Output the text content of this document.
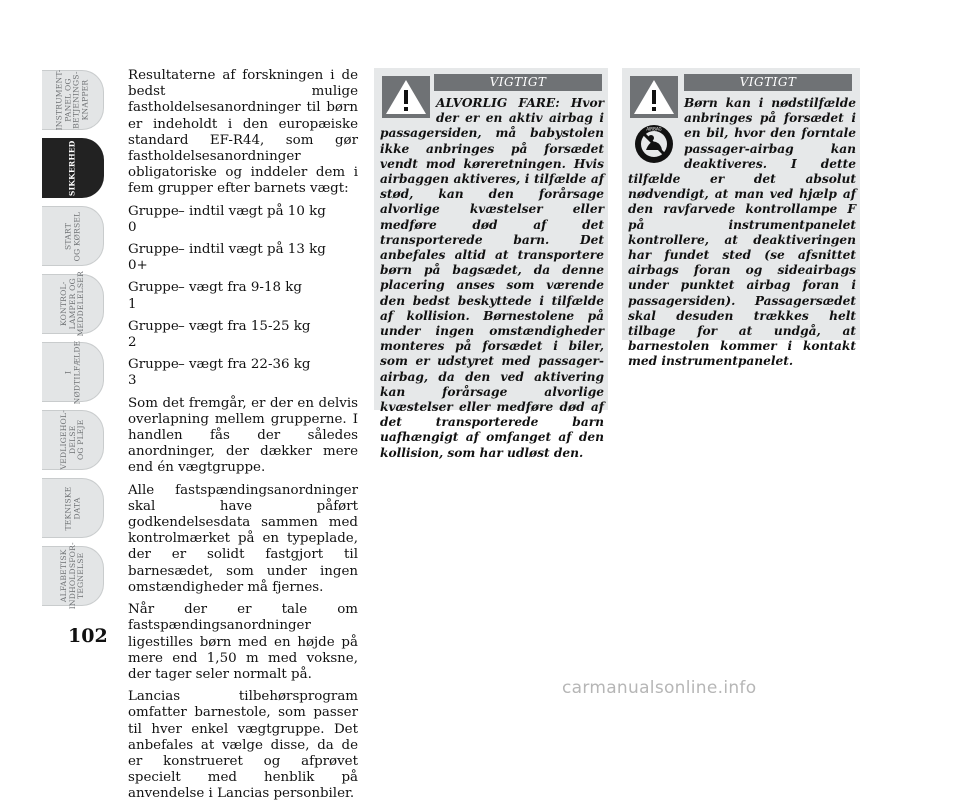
INSTRUMENT- PANEL OG BETJENINGS- KNAPPER
SIKKERHED
START OG KØRSEL
KONTROL- LAMPER OG MEDDELELSER
I NØDTILFÆLDE
VEDLIGEHOL- DELSE OG PLEJE
TEKNISKE DATA
ALFABETISK INDHOLDSFOR- TEGNELSE
102

Resultaterne af forskningen i de bedst mulige fastholdelsesanordninger til børn er indeholdt i den europæiske standard EF-R44, som gør fastholdelsesanordninger obligatoriske og inddeler dem i fem grupper efter barnets vægt:

Gruppe 0
– indtil vægt på 10 kg
Gruppe 0+
– indtil vægt på 13 kg
Gruppe 1
– vægt fra 9-18 kg
Gruppe 2
– vægt fra 15-25 kg
Gruppe 3
– vægt fra 22-36 kg

Som det fremgår, er der en delvis overlapning mellem grupperne. I handlen fås der således anordninger, der dækker mere end én vægtgruppe.

Alle fastspændingsanordninger skal have påført godkendelsesdata sammen med kontrolmærket på en typeplade, der er solidt fastgjort til barnesædet, som under ingen omstændigheder må fjernes.

Når der er tale om fastspændingsanordninger ligestilles børn med en højde på mere end 1,50 m med voksne, der tager seler normalt på.

Lancias tilbehørsprogram omfatter barnestole, som passer til hver enkel vægtgruppe. Det anbefales at vælge disse, da de er konstrueret og afprøvet specielt med henblik på anvendelse i Lancias personbiler.

VIGTIGT
ALVORLIG FARE: Hvor der er en aktiv airbag i passagersiden, må babystolen ikke anbringes på forsædet vendt mod køreretningen. Hvis airbaggen aktiveres, i tilfælde af stød, kan den forårsage alvorlige kvæstelser eller medføre død af det transporterede barn. Det anbefales altid at transportere børn på bagsædet, da denne placering anses som værende den bedst beskyttede i tilfælde af kollision. Børnestolene på under ingen omstændigheder monteres på forsædet i biler, som er udstyret med passager-airbag, da den ved aktivering kan forårsage alvorlige kvæstelser eller medføre død af det transporterede barn uafhængigt af omfanget af den kollision, som har udløst den.
VIGTIGT
AIRBAG
Børn kan i nødstilfælde anbringes på forsædet i en bil, hvor den forntale passager-airbag kan deaktiveres. I dette tilfælde er det absolut nødvendigt, at man ved hjælp af den ravfarvede kontrollampe F på instrumentpanelet kontrollere, at deaktiveringen har fundet sted (se afsnittet airbags foran og sideairbags under punktet airbag foran i passagersiden). Passagersædet skal desuden trækkes helt tilbage for at undgå, at barnestolen kommer i kontakt med instrumentpanelet.
carmanualsonline.info
